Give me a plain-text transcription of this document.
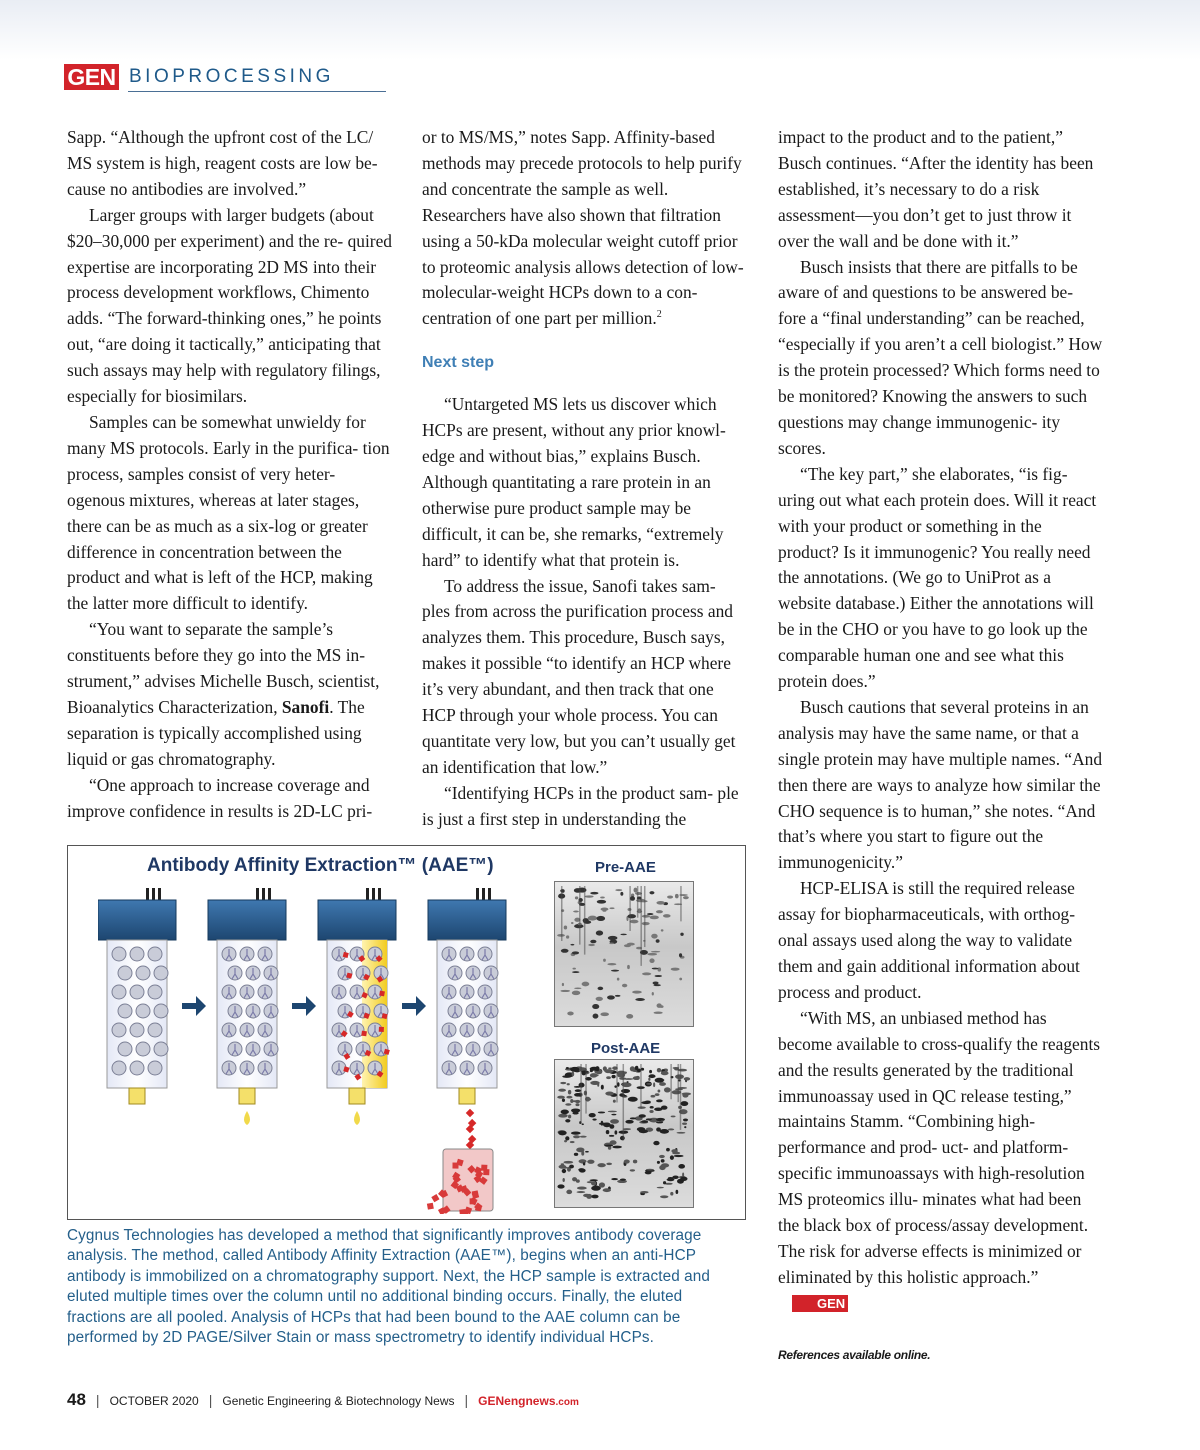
GEN BIOPROCESSING

Sapp. “Although the upfront cost of the LC/ MS system is high, reagent costs are low be- cause no antibodies are involved.”

Larger groups with larger budgets (about $20–30,000 per experiment) and the re- quired expertise are incorporating 2D MS into their process development workflows, Chimento adds. “The forward-thinking ones,” he points out, “are doing it tactically,” anticipating that such assays may help with regulatory filings, especially for biosimilars.

Samples can be somewhat unwieldy for many MS protocols. Early in the purifica- tion process, samples consist of very heter- ogenous mixtures, whereas at later stages, there can be as much as a six-log or greater difference in concentration between the product and what is left of the HCP, making the latter more difficult to identify.

“You want to separate the sample’s constituents before they go into the MS in- strument,” advises Michelle Busch, scientist, Bioanalytics Characterization, Sanofi. The separation is typically accomplished using liquid or gas chromatography.

“One approach to increase coverage and improve confidence in results is 2D-LC pri-

or to MS/MS,” notes Sapp. Affinity-based methods may precede protocols to help purify and concentrate the sample as well. Researchers have also shown that filtration using a 50-kDa molecular weight cutoff prior to proteomic analysis allows detection of low-molecular-weight HCPs down to a con- centration of one part per million.$^2$

Next step

“Untargeted MS lets us discover which HCPs are present, without any prior knowl- edge and without bias,” explains Busch. Although quantitating a rare protein in an otherwise pure product sample may be difficult, it can be, she remarks, “extremely hard” to identify what that protein is.

To address the issue, Sanofi takes sam- ples from across the purification process and analyzes them. This procedure, Busch says, makes it possible “to identify an HCP where it’s very abundant, and then track that one HCP through your whole process. You can quantitate very low, but you can’t usually get an identification that low.”

“Identifying HCPs in the product sam- ple is just a first step in understanding the

impact to the product and to the patient,” Busch continues. “After the identity has been established, it’s necessary to do a risk assessment—you don’t get to just throw it over the wall and be done with it.”

Busch insists that there are pitfalls to be aware of and questions to be answered be- fore a “final understanding” can be reached, “especially if you aren’t a cell biologist.” How is the protein processed? Which forms need to be monitored? Knowing the answers to such questions may change immunogenic- ity scores.

“The key part,” she elaborates, “is fig- uring out what each protein does. Will it react with your product or something in the product? Is it immunogenic? You really need the annotations. (We go to UniProt as a website database.) Either the annotations will be in the CHO or you have to go look up the comparable human one and see what this protein does.”

Busch cautions that several proteins in an analysis may have the same name, or that a single protein may have multiple names. “And then there are ways to analyze how similar the CHO sequence is to human,” she notes. “And that’s where you start to figure out the immunogenicity.”

HCP-ELISA is still the required release assay for biopharmaceuticals, with orthog- onal assays used along the way to validate them and gain additional information about process and product.

“With MS, an unbiased method has become available to cross-qualify the reagents and the results generated by the traditional immunoassay used in QC release testing,” maintains Stamm. “Combining high-performance and prod- uct- and platform-specific immunoassays with high-resolution MS proteomics illu- minates what had been the black box of process/assay development. The risk for adverse effects is minimized or eliminated by this holistic approach.”GEN

References available online.
Antibody Affinity Extraction™ (AAE™)	Pre-AAE
Post-AAE
Cygnus Technologies has developed a method that significantly improves antibody coverage analysis. The method, called Antibody Affinity Extraction (AAE™), begins when an anti-HCP antibody is immobilized on a chromatography support. Next, the HCP sample is extracted and eluted multiple times over the column until no additional binding occurs. Finally, the eluted fractions are all pooled. Analysis of HCPs that had been bound to the AAE column can be performed by 2D PAGE/Silver Stain or mass spectrometry to identify individual HCPs.
48 | OCTOBER 2020 | Genetic Engineering & Biotechnology News | GENengnews.com
